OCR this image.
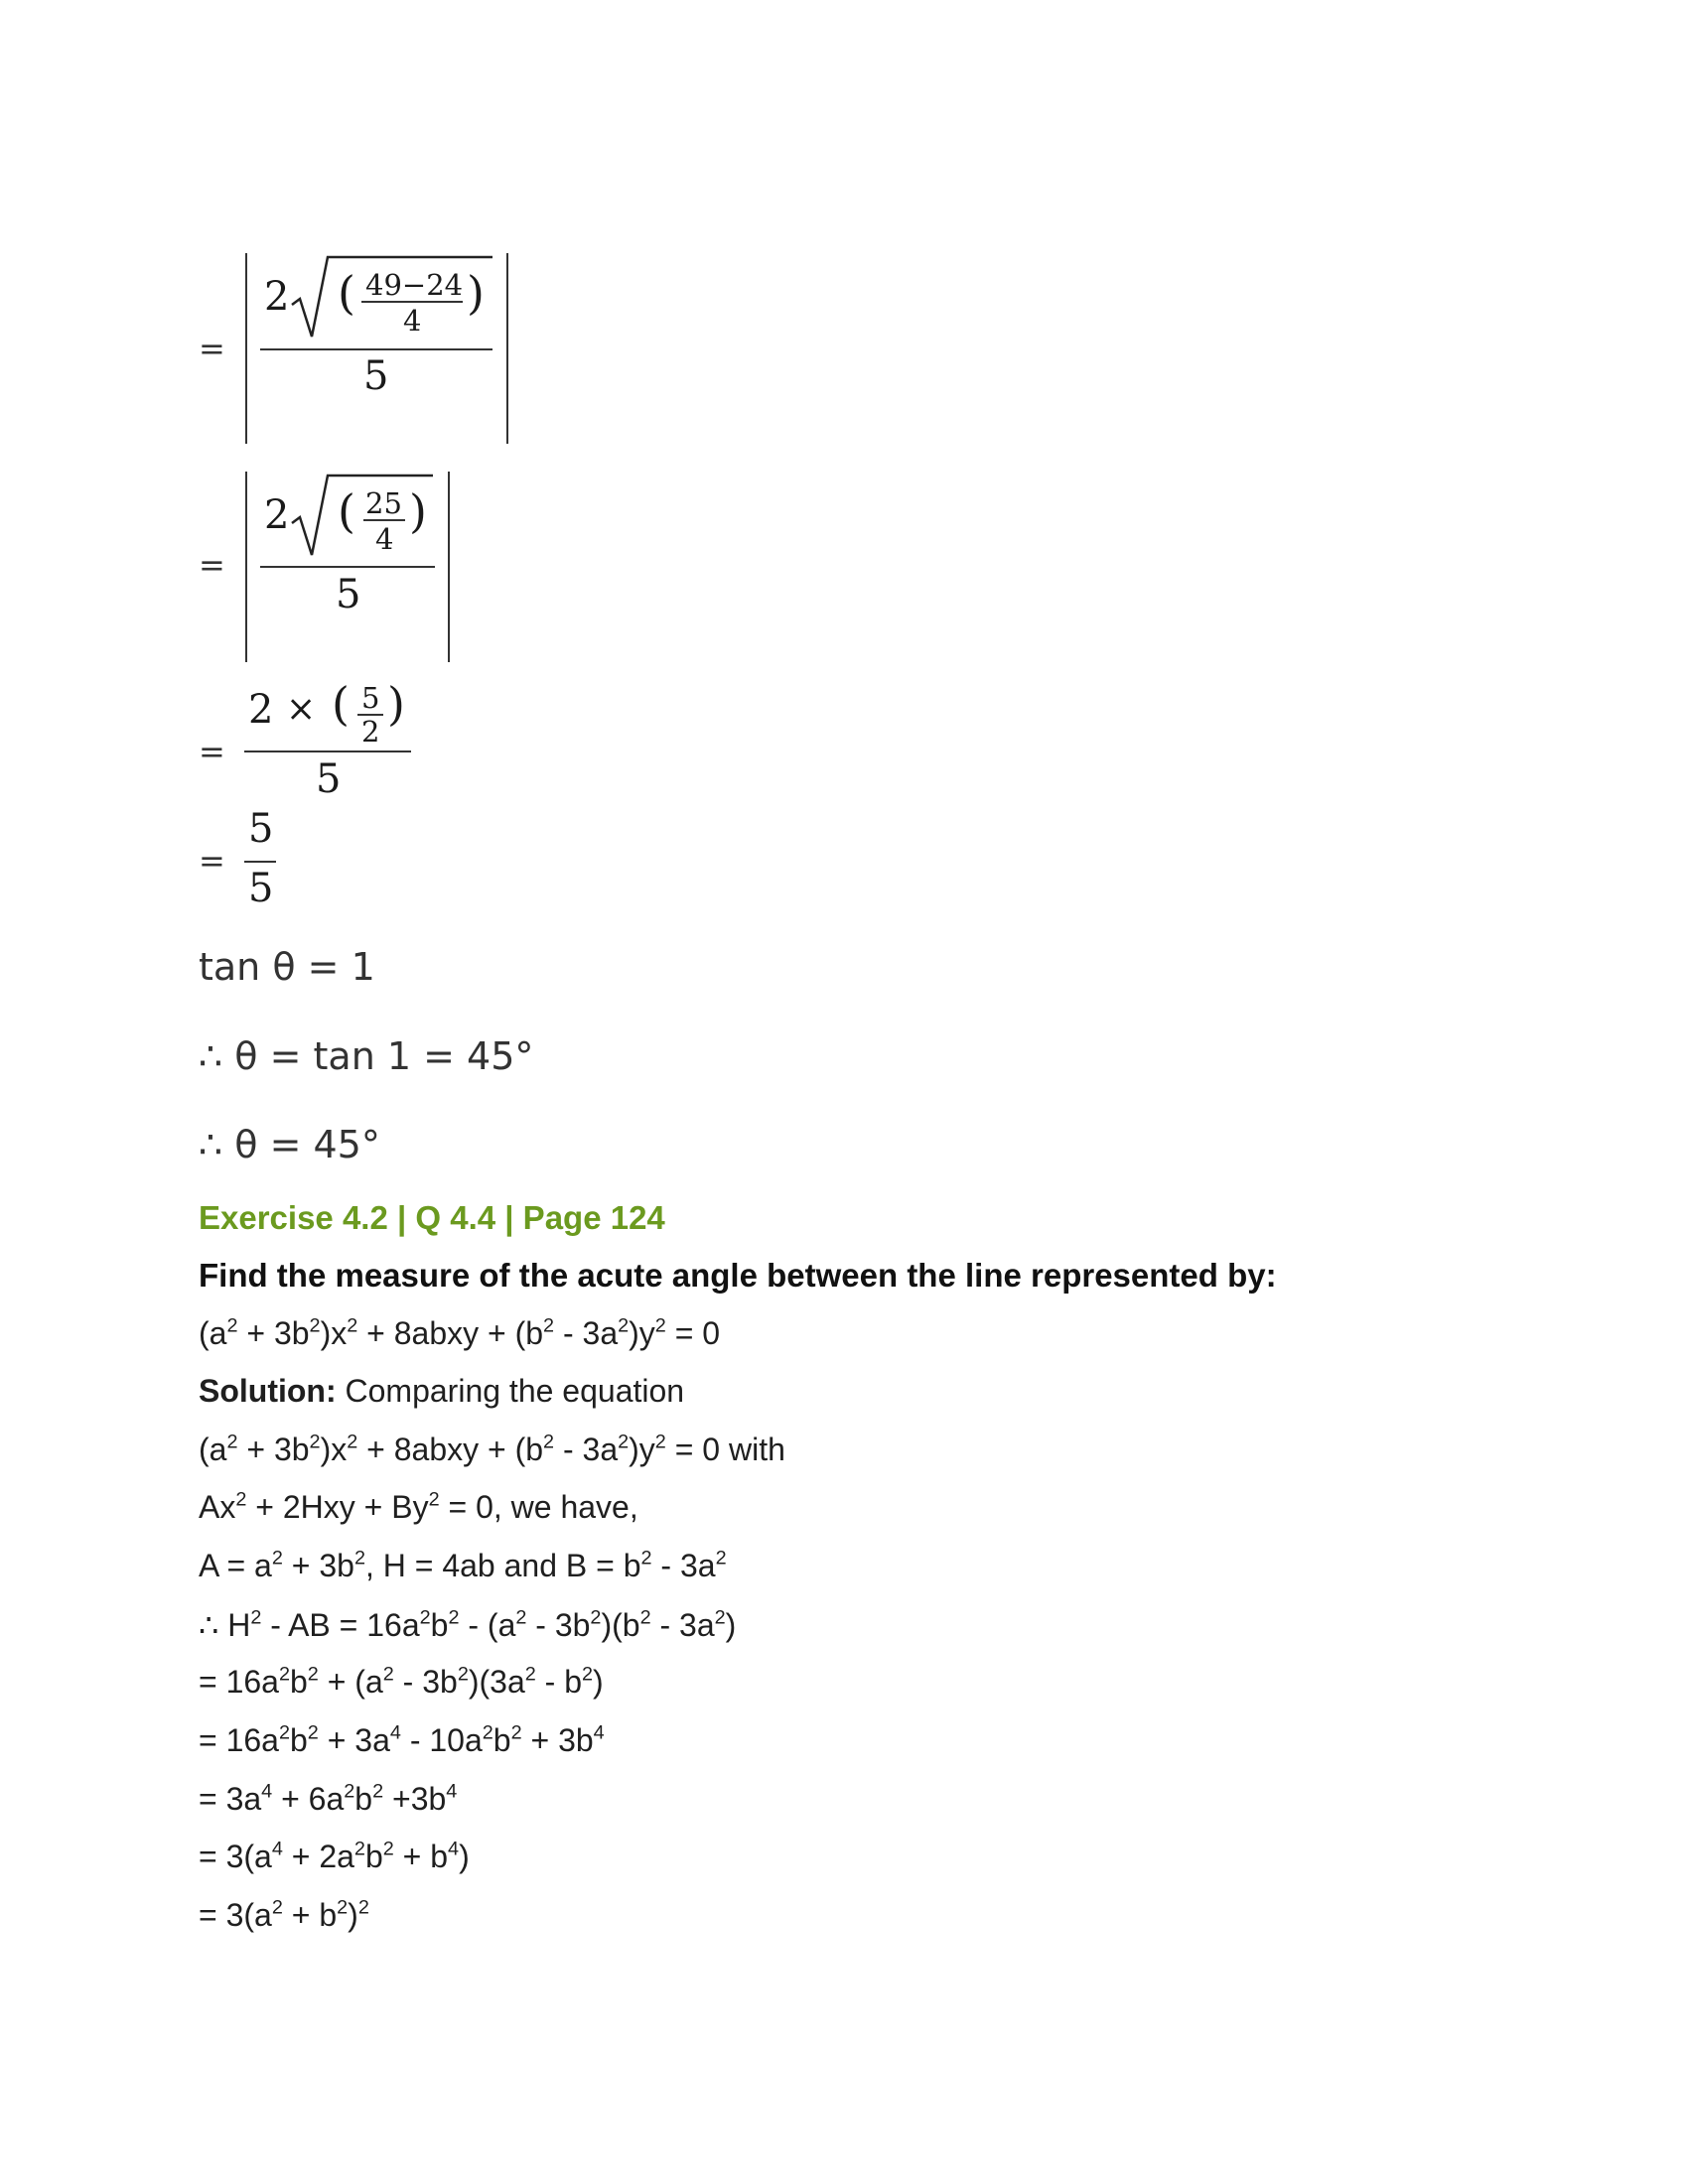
=
2 ( 49−24
4
)
5
=
2 ( 25
4
)
5
=
2 × ( 5
2
)
5
=
5
5
tan θ = 1
∴ θ = tan 1 = 45°
∴ θ = 45°
Exercise 4.2 | Q 4.4 | Page 124
Find the measure of the acute angle between the line represented by:
$(a^2 + 3b^2)x^2$ + 8abxy + $(b^2 - 3a^2)y^2 = 0$
Solution: Comparing the equation
$(a^2 + 3b^2)x^2$ + 8abxy + $(b^2 - 3a^2)y^2 = 0$ with
$Ax^2 + 2Hxy + By^2 = 0$, we have,
$A = a^2 + 3b^2$, H = 4ab and $B = b^2 - 3a^2$
∴ $H^2$ - AB = $16a^2b^2 - (a^2 - 3b^2)(b^2 - 3a^2)$
= $16a^2b^2 + (a^2 - 3b^2)(3a^2 - b^2)$
= $16a^2b^2 + 3a^4 - 10a^2b^2 + 3b^4$
= $3a^4 + 6a^2b^2 +3b^4$
= $3(a^4 + 2a^2b^2 + b^4)$
= $3(a^2 + b^2)^2$
